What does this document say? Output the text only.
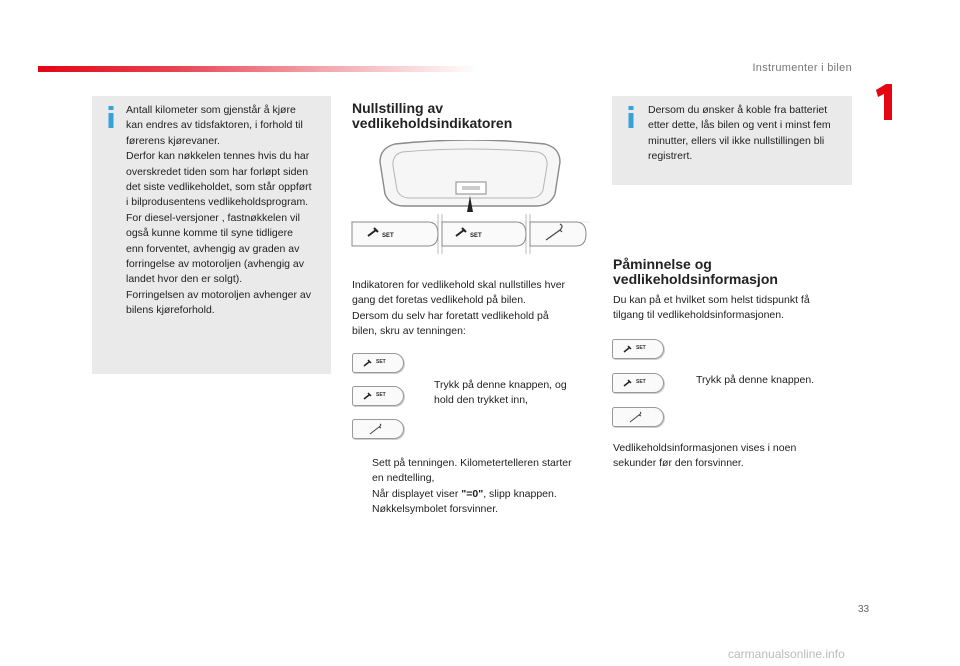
Instrumenter i bilen
Antall kilometer som gjenstår å kjøre
kan endres av tidsfaktoren, i forhold til
førerens kjørevaner.
Derfor kan nøkkelen tennes hvis du har
overskredet tiden som har forløpt siden
det siste vedlikeholdet, som står oppført
i bilprodusentens vedlikeholdsprogram.
For diesel-versjoner , fastnøkkelen vil
også kunne komme til syne tidligere
enn forventet, avhengig av graden av
forringelse av motoroljen (avhengig av
landet hvor den er solgt).
Forringelsen av motoroljen avhenger av
bilens kjøreforhold.
Nullstilling av
vedlikeholdsindikatoren
SET	SET
Indikatoren for vedlikehold skal nullstilles hver
gang det foretas vedlikehold på bilen.
Dersom du selv har foretatt vedlikehold på
bilen, skru av tenningen:
SET
SET
Trykk på denne knappen, og
hold den trykket inn,
Sett på tenningen. Kilometertelleren starter
en nedtelling,
Når displayet viser "=0", slipp knappen.
Nøkkelsymbolet forsvinner.
Dersom du ønsker å koble fra batteriet
etter dette, lås bilen og vent i minst fem
minutter, ellers vil ikke nullstillingen bli
registrert.
Påminnelse og
vedlikeholdsinformasjon
Du kan på et hvilket som helst tidspunkt få
tilgang til vedlikeholdsinformasjonen.
SET
SET	Trykk på denne knappen.
Vedlikeholdsinformasjonen vises i noen
sekunder før den forsvinner.
33
carmanualsonline.info
